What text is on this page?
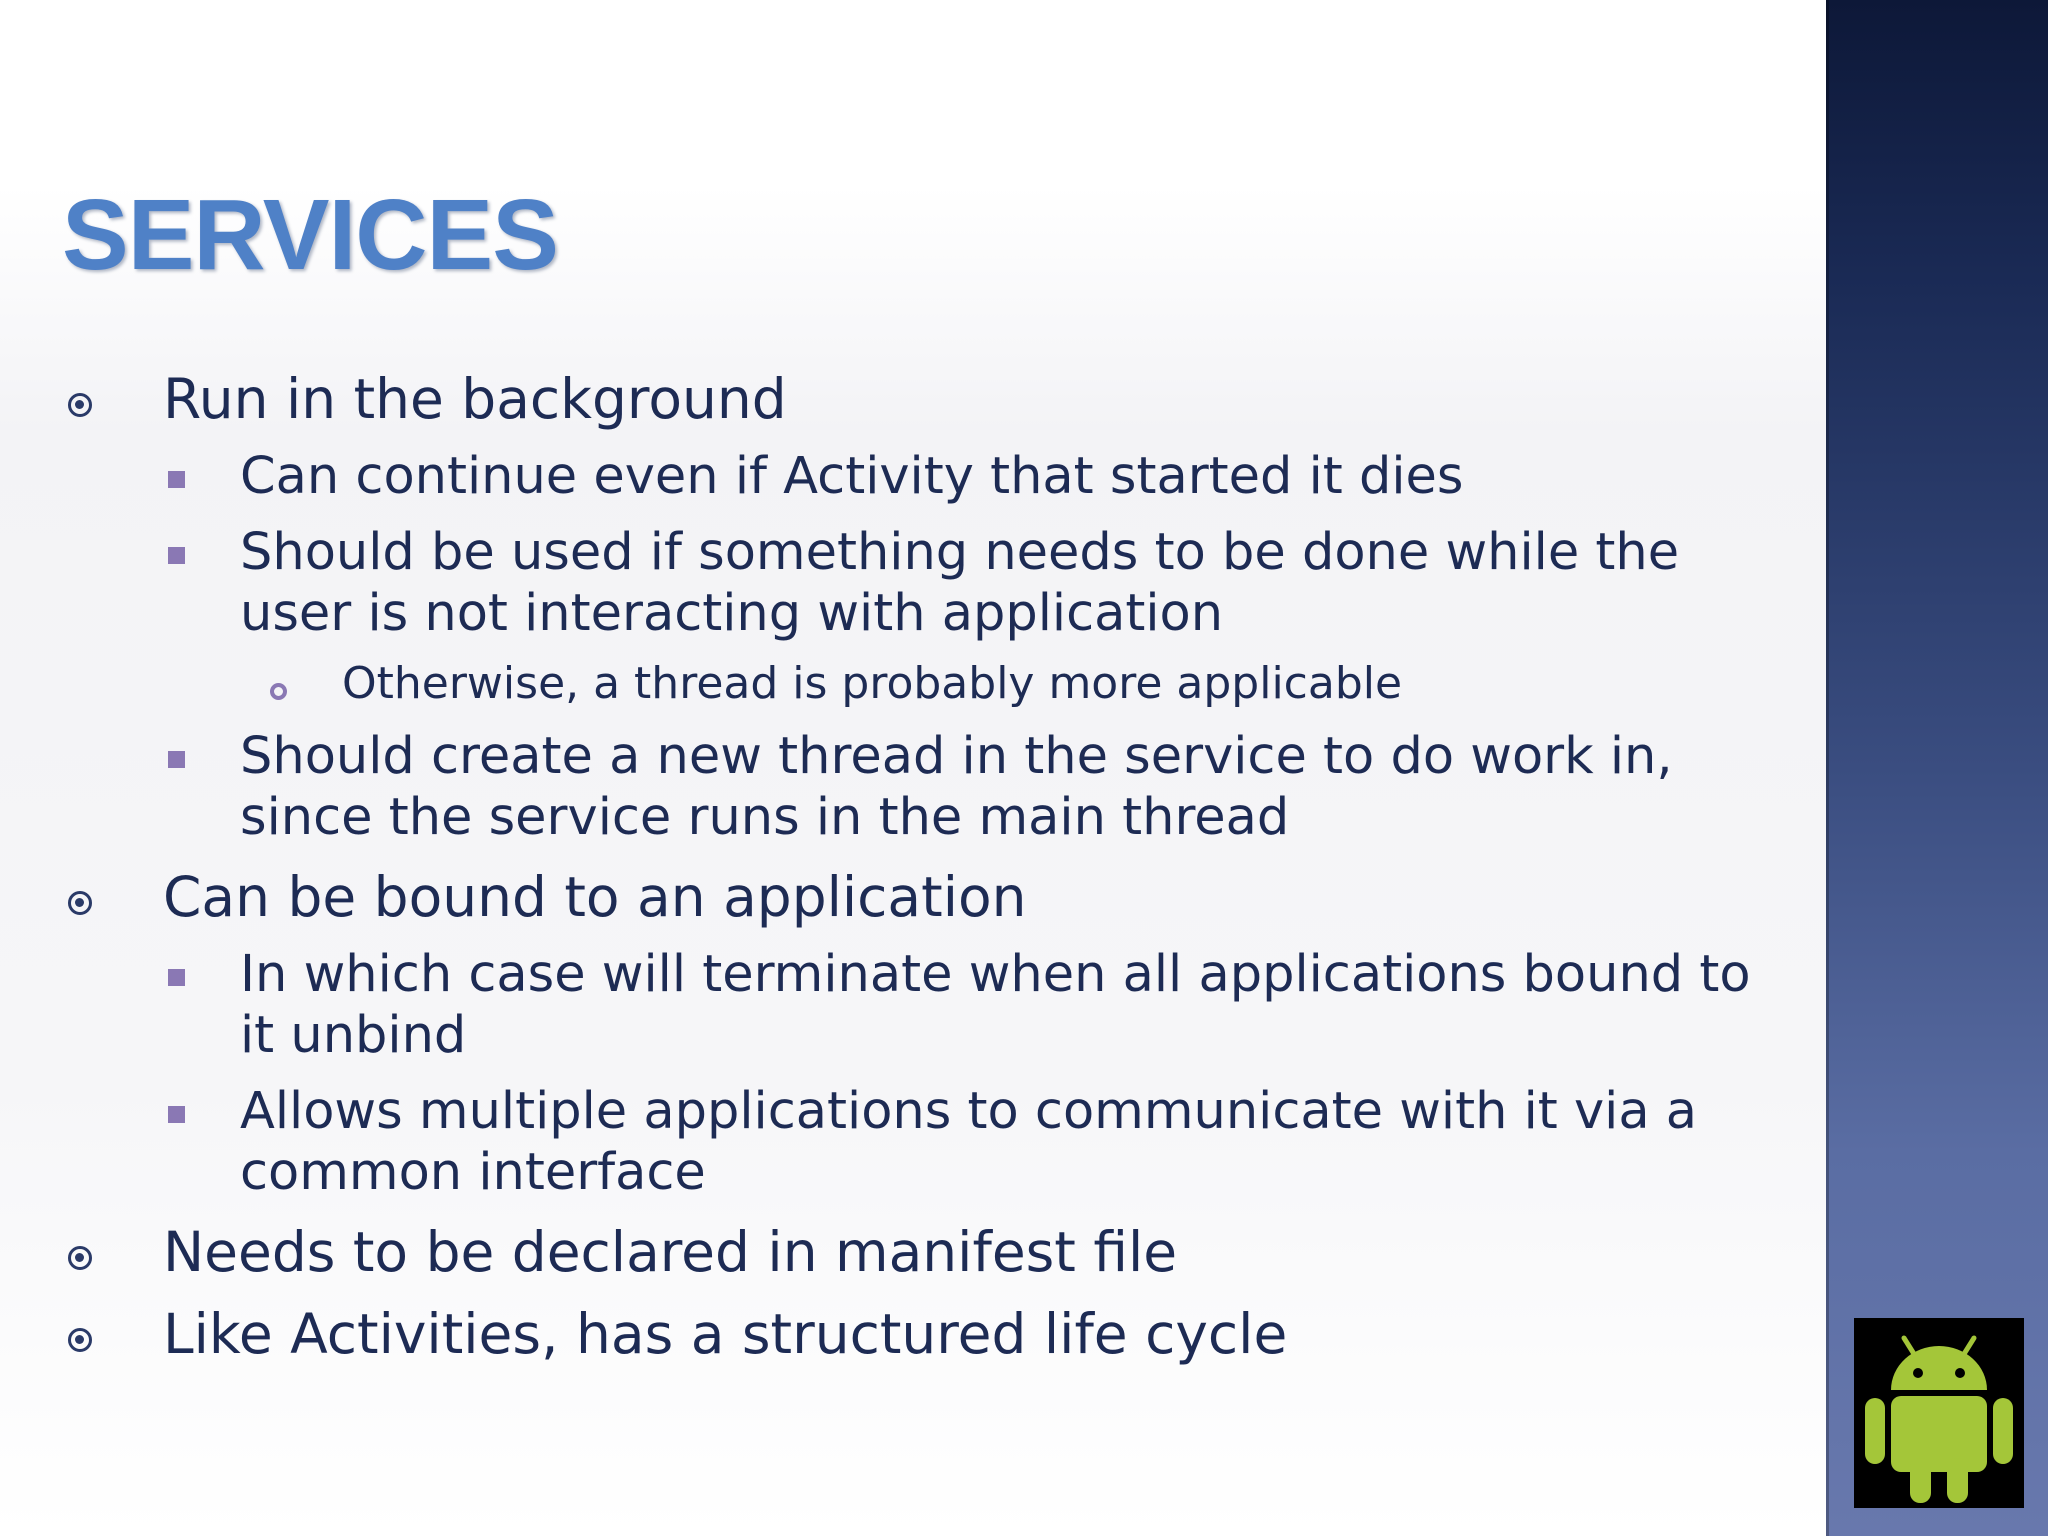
SERVICES
Run in the background
Can continue even if Activity that started it dies
Should be used if something needs to be done while the
user is not interacting with application
Otherwise, a thread is probably more applicable
Should create a new thread in the service to do work in,
since the service runs in the main thread
Can be bound to an application
In which case will terminate when all applications bound to
it unbind
Allows multiple applications to communicate with it via a
common interface
Needs to be declared in manifest file
Like Activities, has a structured life cycle
